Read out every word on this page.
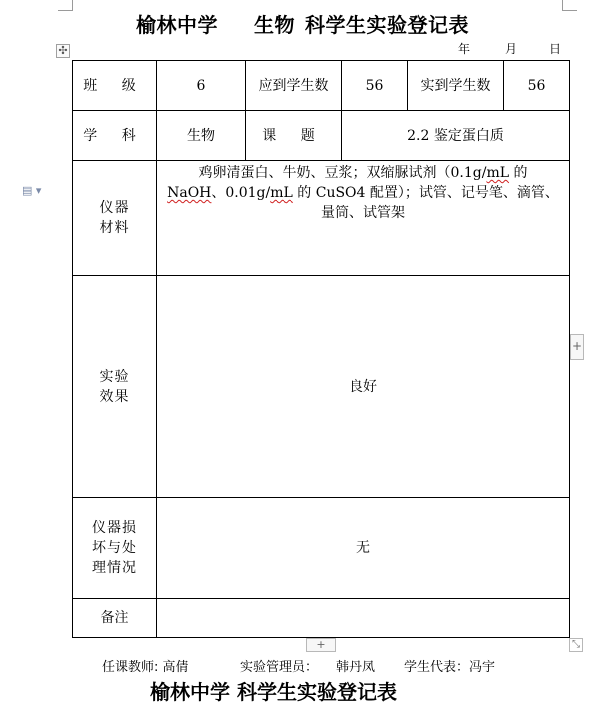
榆林中学 生物 科学生实验登记表
年	月	日
✣
▤ ▾
班 级	6	应到学生数	56	实到学生数	56
学 科	生物	课 题	2.2 鉴定蛋白质		
仪器材料	鸡卵清蛋白、牛奶、豆浆；双缩脲试剂（0.1g/mL 的
NaOH、0.01g/mL 的 CuSO4 配置）；试管、记号笔、滴管、量筒、试管架				
实验效果	良好				
仪器损坏与处理情况	无				
备注					
+
+	⤡
任课教师: 高倩	实验管理员： 韩丹凤 学生代表：冯宇
榆林中学 科学生实验登记表
